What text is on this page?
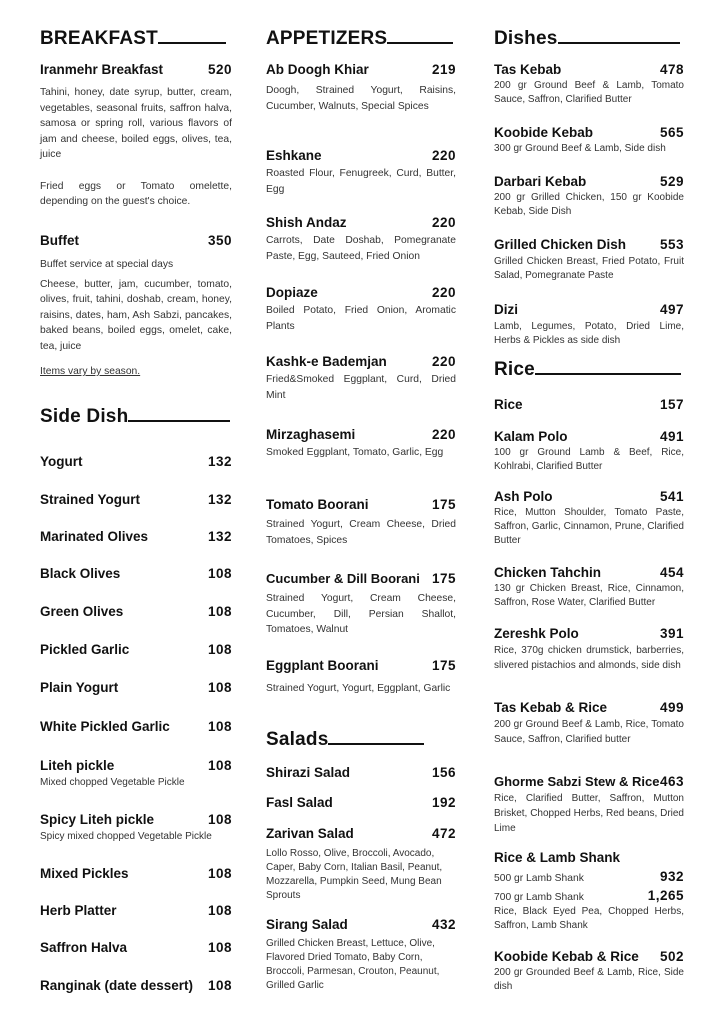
BREAKFAST
Iranmehr Breakfast	520
Tahini, honey, date syrup, butter, cream, vegetables, seasonal fruits, saffron halva, samosa or spring roll, various flavors of jam and cheese, boiled eggs, olives, tea, juice
Fried eggs or Tomato omelette, depending on the guest's choice.
Buffet	350
Buffet service at special days
Cheese, butter, jam, cucumber, tomato, olives, fruit, tahini, doshab, cream, honey, raisins, dates, ham, Ash Sabzi, pancakes, baked beans, boiled eggs, omelet, cake, tea, juice
Items vary by season.
Side Dish
Yogurt	132
Strained Yogurt	132
Marinated Olives	132
Black Olives	108
Green Olives	108
Pickled Garlic	108
Plain Yogurt	108
White Pickled Garlic	108
Liteh pickle	108
Mixed chopped Vegetable Pickle
Spicy Liteh pickle	108
Spicy mixed chopped Vegetable Pickle
Mixed Pickles	108
Herb Platter	108
Saffron Halva	108
Ranginak (date dessert) 108
APPETIZERS
Ab Doogh Khiar	219
Doogh, Strained Yogurt, Raisins, Cucumber, Walnuts, Special Spices
Eshkane	220
Roasted Flour, Fenugreek, Curd, Butter, Egg
Shish Andaz	220
Carrots, Date Doshab, Pomegranate Paste, Egg, Sauteed, Fried Onion
Dopiaze	220
Boiled Potato, Fried Onion, Aromatic Plants
Kashk-e Bademjan	220
Fried&Smoked Eggplant, Curd, Dried Mint
Mirzaghasemi	220
Smoked Eggplant, Tomato, Garlic, Egg
Tomato Boorani	175
Strained Yogurt, Cream Cheese, Dried Tomatoes, Spices
Cucumber & Dill Boorani 175
Strained Yogurt, Cream Cheese, Cucumber, Dill, Persian Shallot, Tomatoes, Walnut
Eggplant Boorani	175
Strained Yogurt, Yogurt, Eggplant, Garlic
Salads
Shirazi Salad	156
Fasl Salad	192
Zarivan Salad	472
Lollo Rosso, Olive, Broccoli, Avocado, Caper, Baby Corn, Italian Basil, Peanut, Mozzarella, Pumpkin Seed, Mung Bean Sprouts
Sirang Salad	432
Grilled Chicken Breast, Lettuce, Olive, Flavored Dried Tomato, Baby Corn, Broccoli, Parmesan, Crouton, Peaunut, Grilled Garlic
Dishes
Tas Kebab	478
200 gr Ground Beef & Lamb, Tomato Sauce, Saffron, Clarified Butter
Koobide Kebab	565
300 gr Ground Beef & Lamb, Side dish
Darbari Kebab	529
200 gr Grilled Chicken, 150 gr Koobide Kebab, Side Dish
Grilled Chicken Dish	553
Grilled Chicken Breast, Fried Potato, Fruit Salad, Pomegranate Paste
Dizi	497
Lamb, Legumes, Potato, Dried Lime, Herbs & Pickles as side dish
Rice
Rice	157
Kalam Polo	491
100 gr Ground Lamb & Beef, Rice, Kohlrabi, Clarified Butter
Ash Polo	541
Rice, Mutton Shoulder, Tomato Paste, Saffron, Garlic, Cinnamon, Prune, Clarified Butter
Chicken Tahchin	454
130 gr Chicken Breast, Rice, Cinnamon, Saffron, Rose Water, Clarified Butter
Zereshk Polo	391
Rice, 370g chicken drumstick, barberries, slivered pistachios and almonds, side dish
Tas Kebab & Rice	499
200 gr Ground Beef & Lamb, Rice, Tomato Sauce, Saffron, Clarified butter
Ghorme Sabzi Stew & Rice 463
Rice, Clarified Butter, Saffron, Mutton Brisket, Chopped Herbs, Red beans, Dried Lime
Rice & Lamb Shank
500 gr Lamb Shank	932
700 gr Lamb Shank	1,265
Rice, Black Eyed Pea, Chopped Herbs, Saffron, Lamb Shank
Koobide Kebab & Rice 502
200 gr Grounded Beef & Lamb, Rice, Side dish
